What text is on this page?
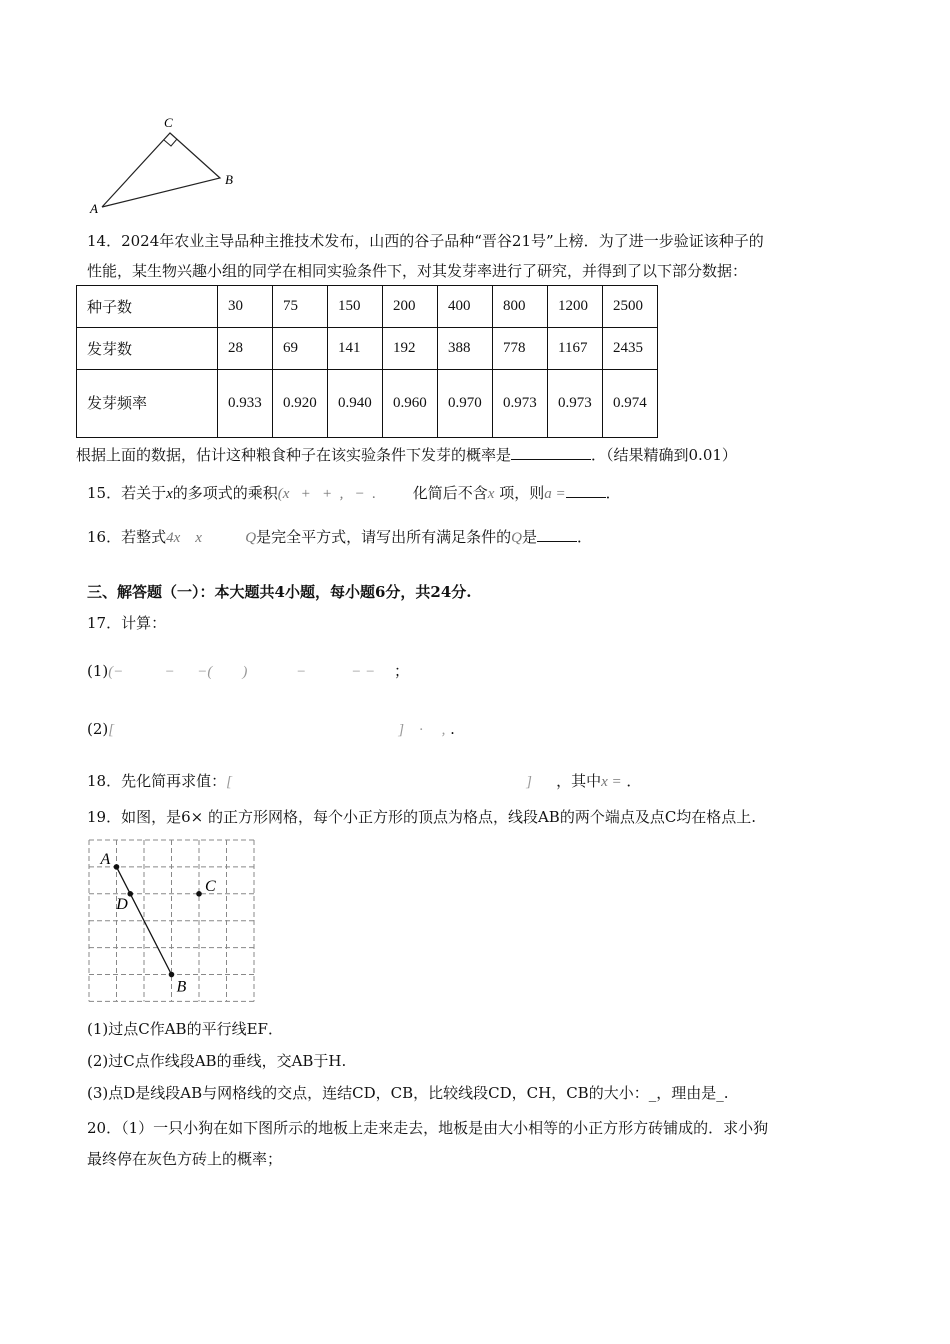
C
B
A
14．2024年农业主导品种主推技术发布，山西的谷子品种“晋谷21号”上榜．为了进一步验证该种子的
性能，某生物兴趣小组的同学在相同实验条件下，对其发芽率进行了研究，并得到了以下部分数据：
种子数	30	75	150	200	400	800	1200	2500
发芽数	28	69	141	192	388	778	1167	2435
发芽频率	0.933	0.920	0.940	0.960	0.970	0.973	0.973	0.974
根据上面的数据，估计这种粮食种子在该实验条件下发芽的概率是	．（结果精确到0.01）
15．若关于x的多项式的乘积(x   +   +  ,   −  . 化简后不含x 项，则a =	．
16．若整式4x    x     Q是完全平方式，请写出所有满足条件的Q是	．
三、解答题（一）：本大题共4小题，每小题6分，共24分.
17．计算：
(1)(−           −      −(        )             −            − −     ；
(2)[	]    ·     , .
18．先化简再求值：[	] ，其中x = ．
19．如图，是6× 的正方形网格，每个小正方形的顶点为格点，线段AB的两个端点及点C均在格点上.
A
D
C
B
(1)过点C作AB的平行线EF．
(2)过C点作线段AB的垂线，交AB于H.
(3)点D是线段AB与网格线的交点，连结CD，CB，比较线段CD，CH，CB的大小：_，理由是_.
20．（1）一只小狗在如下图所示的地板上走来走去，地板是由大小相等的小正方形方砖铺成的．求小狗
最终停在灰色方砖上的概率；
